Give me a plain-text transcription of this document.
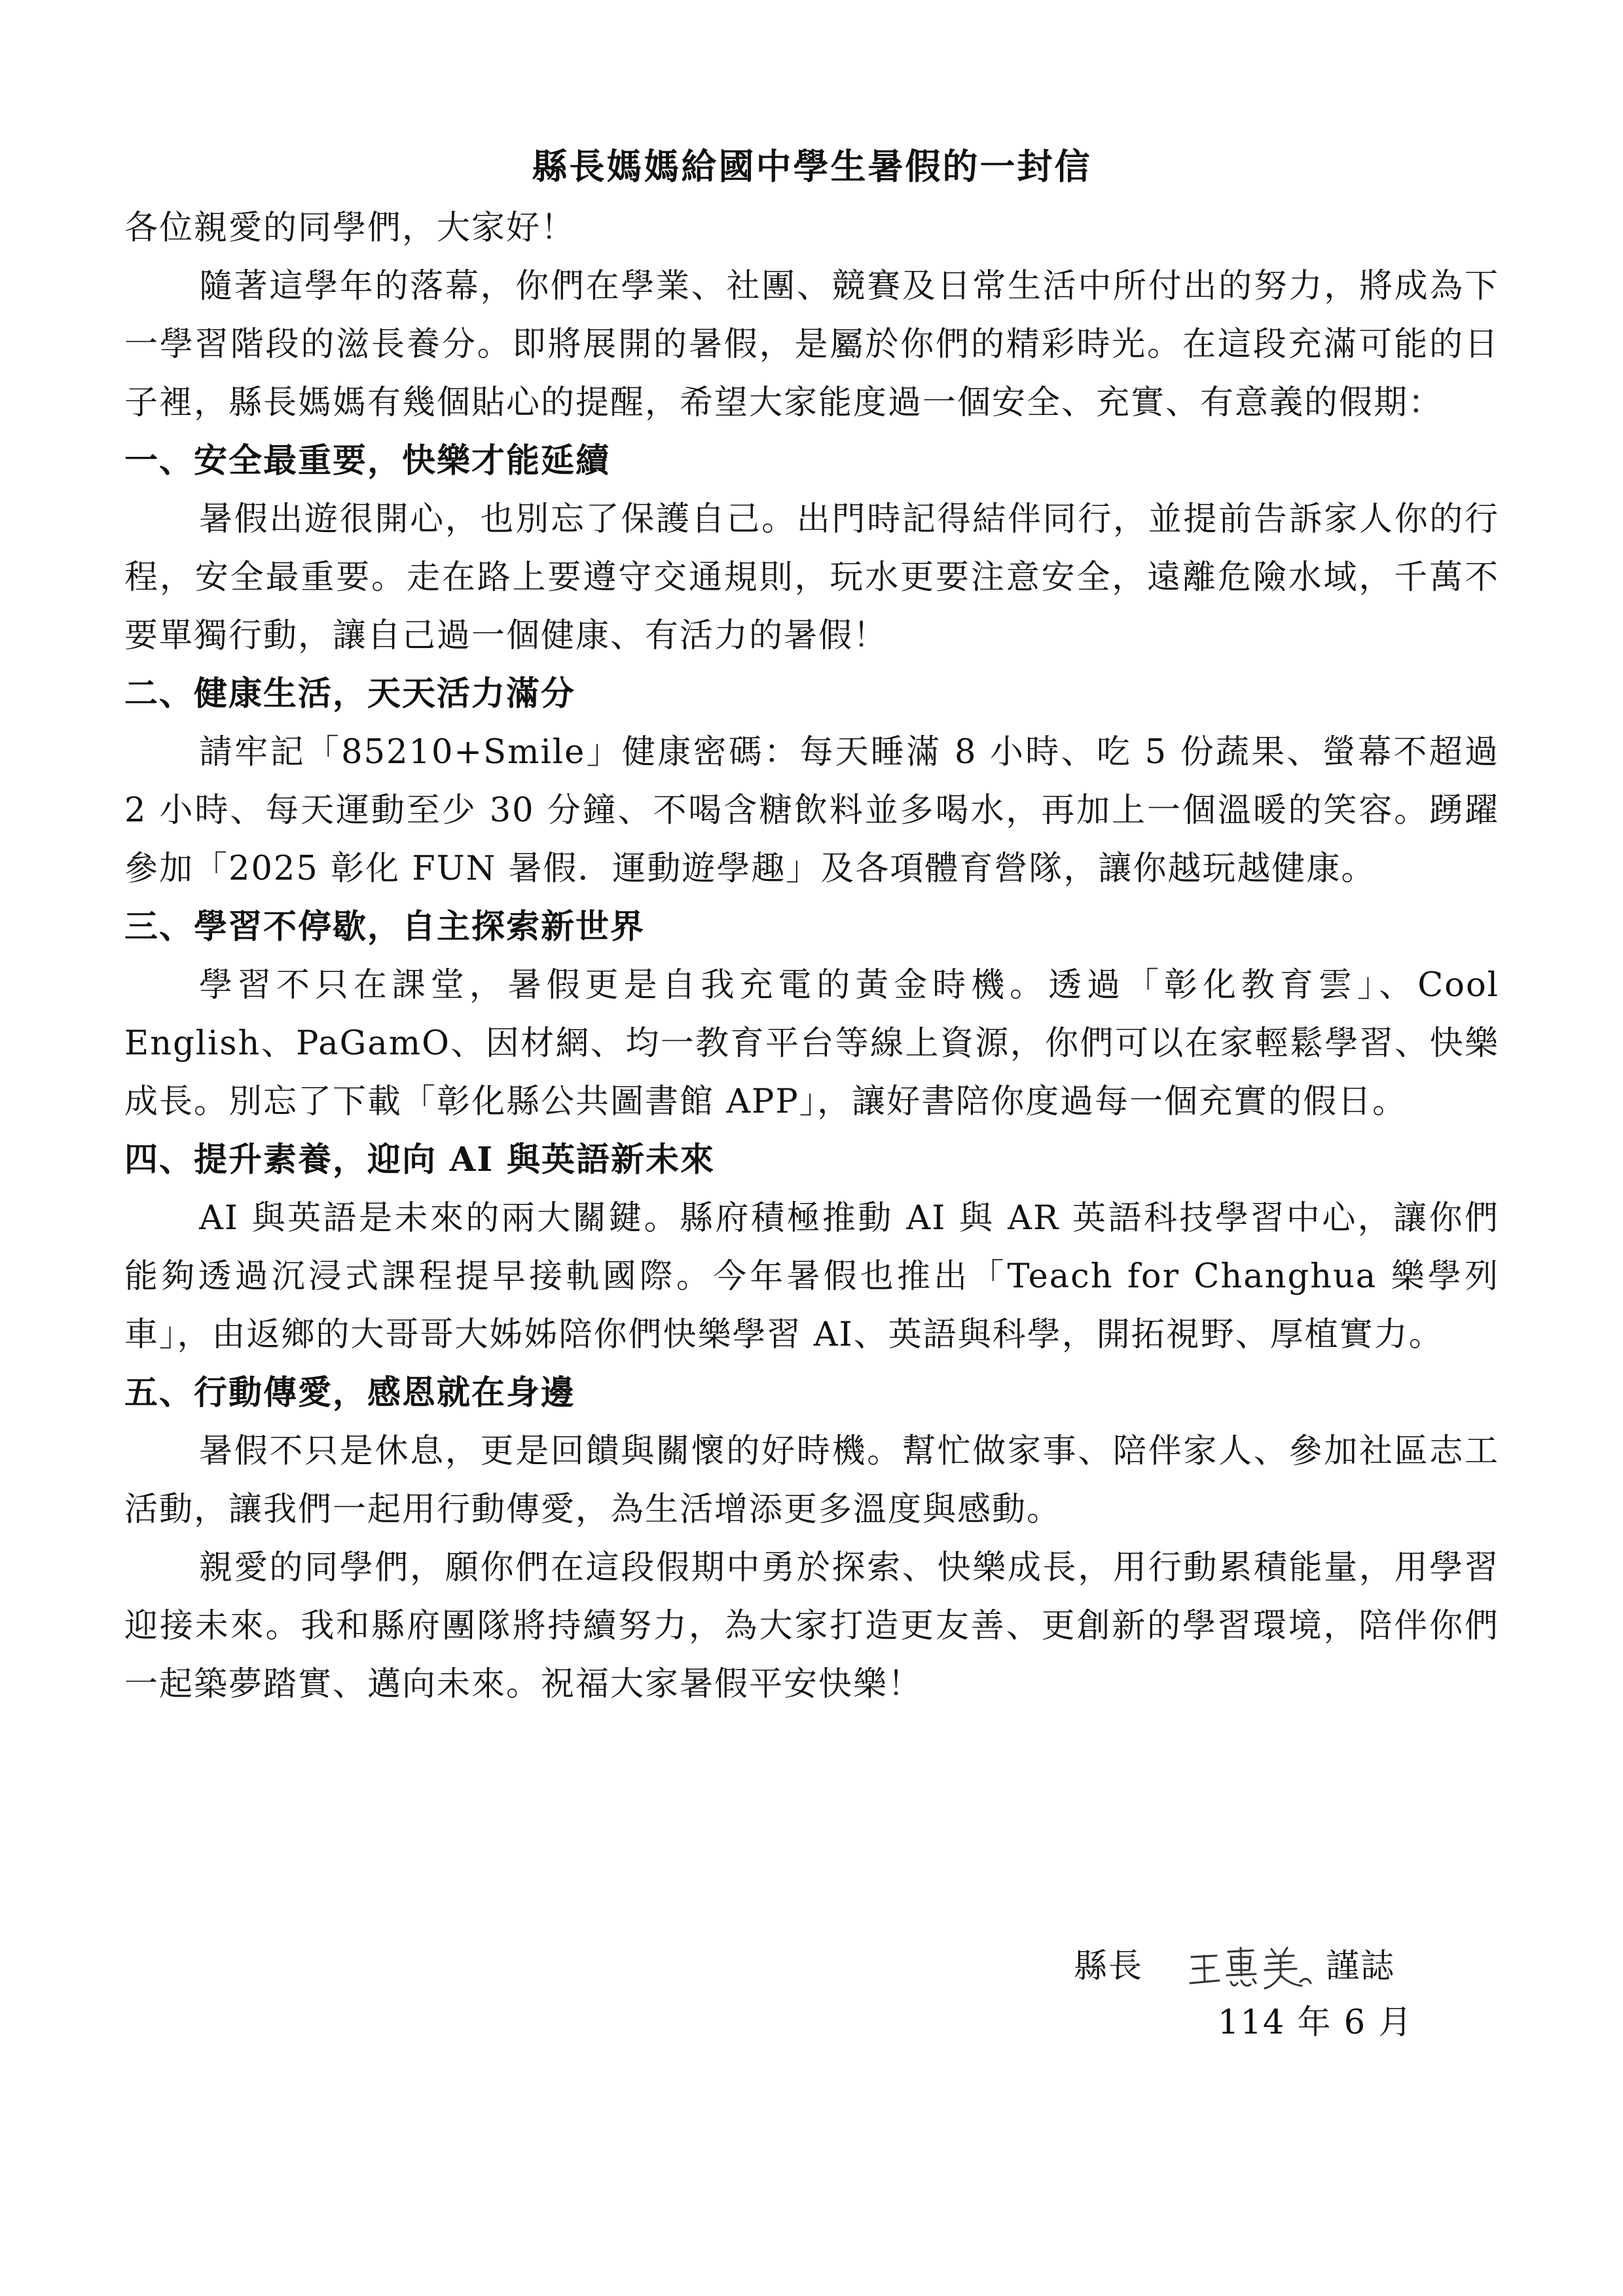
縣長媽媽給國中學生暑假的一封信

各位親愛的同學們，大家好！

隨著這學年的落幕，你們在學業、社團、競賽及日常生活中所付出的努力，將成為下一學習階段的滋長養分。即將展開的暑假，是屬於你們的精彩時光。在這段充滿可能的日子裡，縣長媽媽有幾個貼心的提醒，希望大家能度過一個安全、充實、有意義的假期：

一、安全最重要，快樂才能延續

暑假出遊很開心，也別忘了保護自己。出門時記得結伴同行，並提前告訴家人你的行程，安全最重要。走在路上要遵守交通規則，玩水更要注意安全，遠離危險水域，千萬不要單獨行動，讓自己過一個健康、有活力的暑假！

二、健康生活，天天活力滿分

請牢記「85210+Smile」健康密碼：每天睡滿 8 小時、吃 5 份蔬果、螢幕不超過 2 小時、每天運動至少 30 分鐘、不喝含糖飲料並多喝水，再加上一個溫暖的笑容。踴躍參加「2025 彰化 FUN 暑假．運動遊學趣」及各項體育營隊，讓你越玩越健康。

三、學習不停歇，自主探索新世界

學習不只在課堂，暑假更是自我充電的黃金時機。透過「彰化教育雲」、Cool English、PaGamO、因材網、均一教育平台等線上資源，你們可以在家輕鬆學習、快樂成長。別忘了下載「彰化縣公共圖書館 APP」，讓好書陪你度過每一個充實的假日。

四、提升素養，迎向 AI 與英語新未來

AI 與英語是未來的兩大關鍵。縣府積極推動 AI 與 AR 英語科技學習中心，讓你們能夠透過沉浸式課程提早接軌國際。今年暑假也推出「Teach for Changhua 樂學列車」，由返鄉的大哥哥大姊姊陪你們快樂學習 AI、英語與科學，開拓視野、厚植實力。

五、行動傳愛，感恩就在身邊

暑假不只是休息，更是回饋與關懷的好時機。幫忙做家事、陪伴家人、參加社區志工活動，讓我們一起用行動傳愛，為生活增添更多溫度與感動。

親愛的同學們，願你們在這段假期中勇於探索、快樂成長，用行動累積能量，用學習迎接未來。我和縣府團隊將持續努力，為大家打造更友善、更創新的學習環境，陪伴你們一起築夢踏實、邁向未來。祝福大家暑假平安快樂！

縣長	謹誌
114 年 6 月
